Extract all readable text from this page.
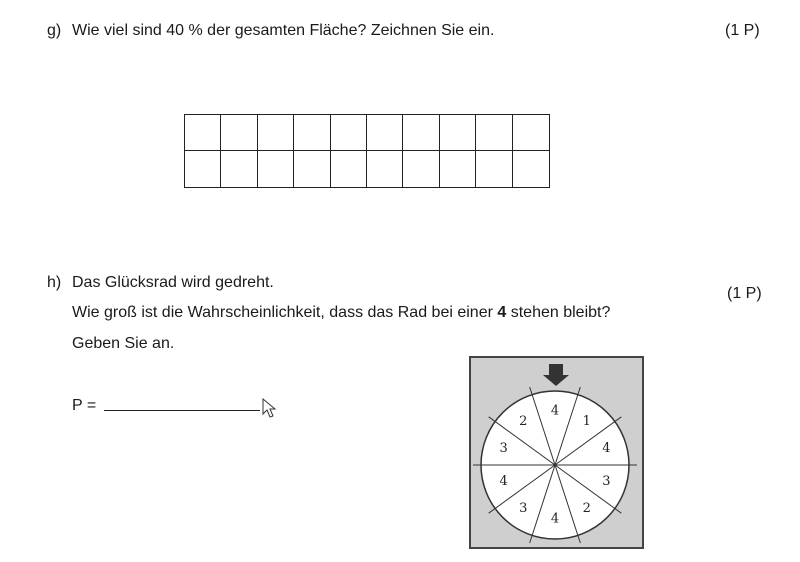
g) Wie viel sind 40 % der gesamten Fläche? Zeichnen Sie ein.	(1 P)
h) Das Glücksrad wird gedreht.
(1 P)
Wie groß ist die Wahrscheinlichkeit, dass das Rad bei einer 4 stehen bleibt?
Geben Sie an.
P =	4
1
4
3
2
4
3
4
3
2
